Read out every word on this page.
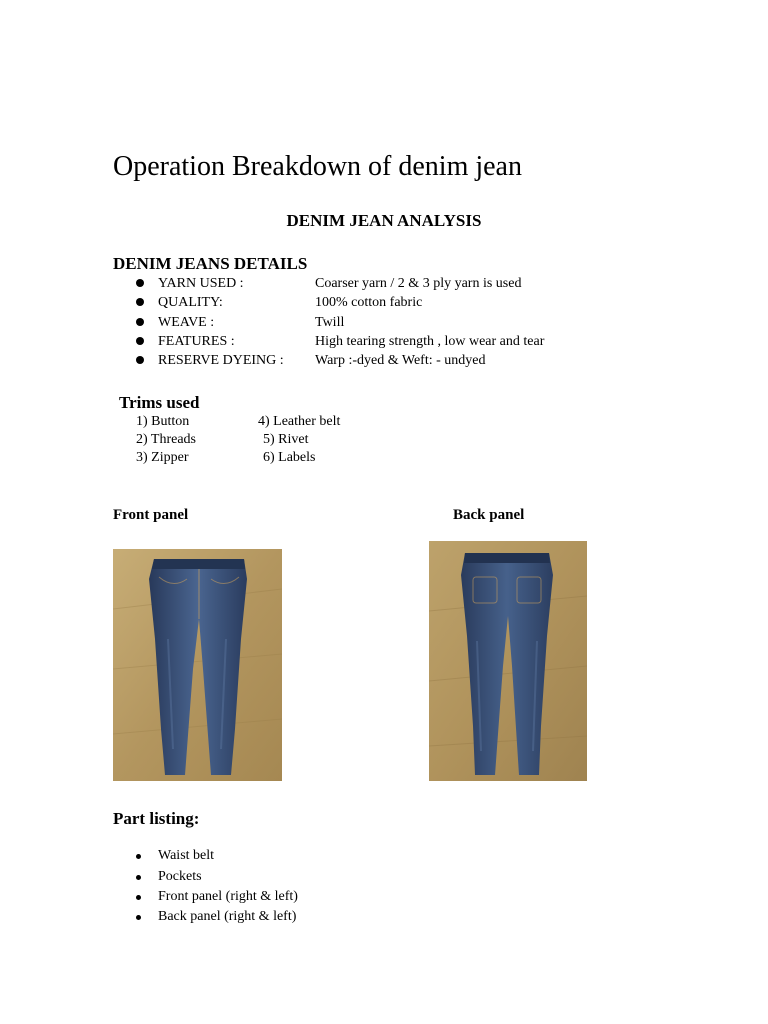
Operation Breakdown of denim jean
DENIM JEAN ANALYSIS
DENIM JEANS DETAILS
YARN USED :	Coarser yarn / 2 & 3 ply yarn is used
QUALITY:	100% cotton fabric
WEAVE :	Twill
FEATURES :	High tearing strength , low wear and tear
RESERVE DYEING : Warp :-dyed & Weft: - undyed
Trims used
1) Button	4) Leather belt
2) Threads	5) Rivet
3) Zipper	6) Labels
Front panel	Back panel
Part listing:
Waist belt
Pockets
Front panel (right & left)
Back panel (right & left)
